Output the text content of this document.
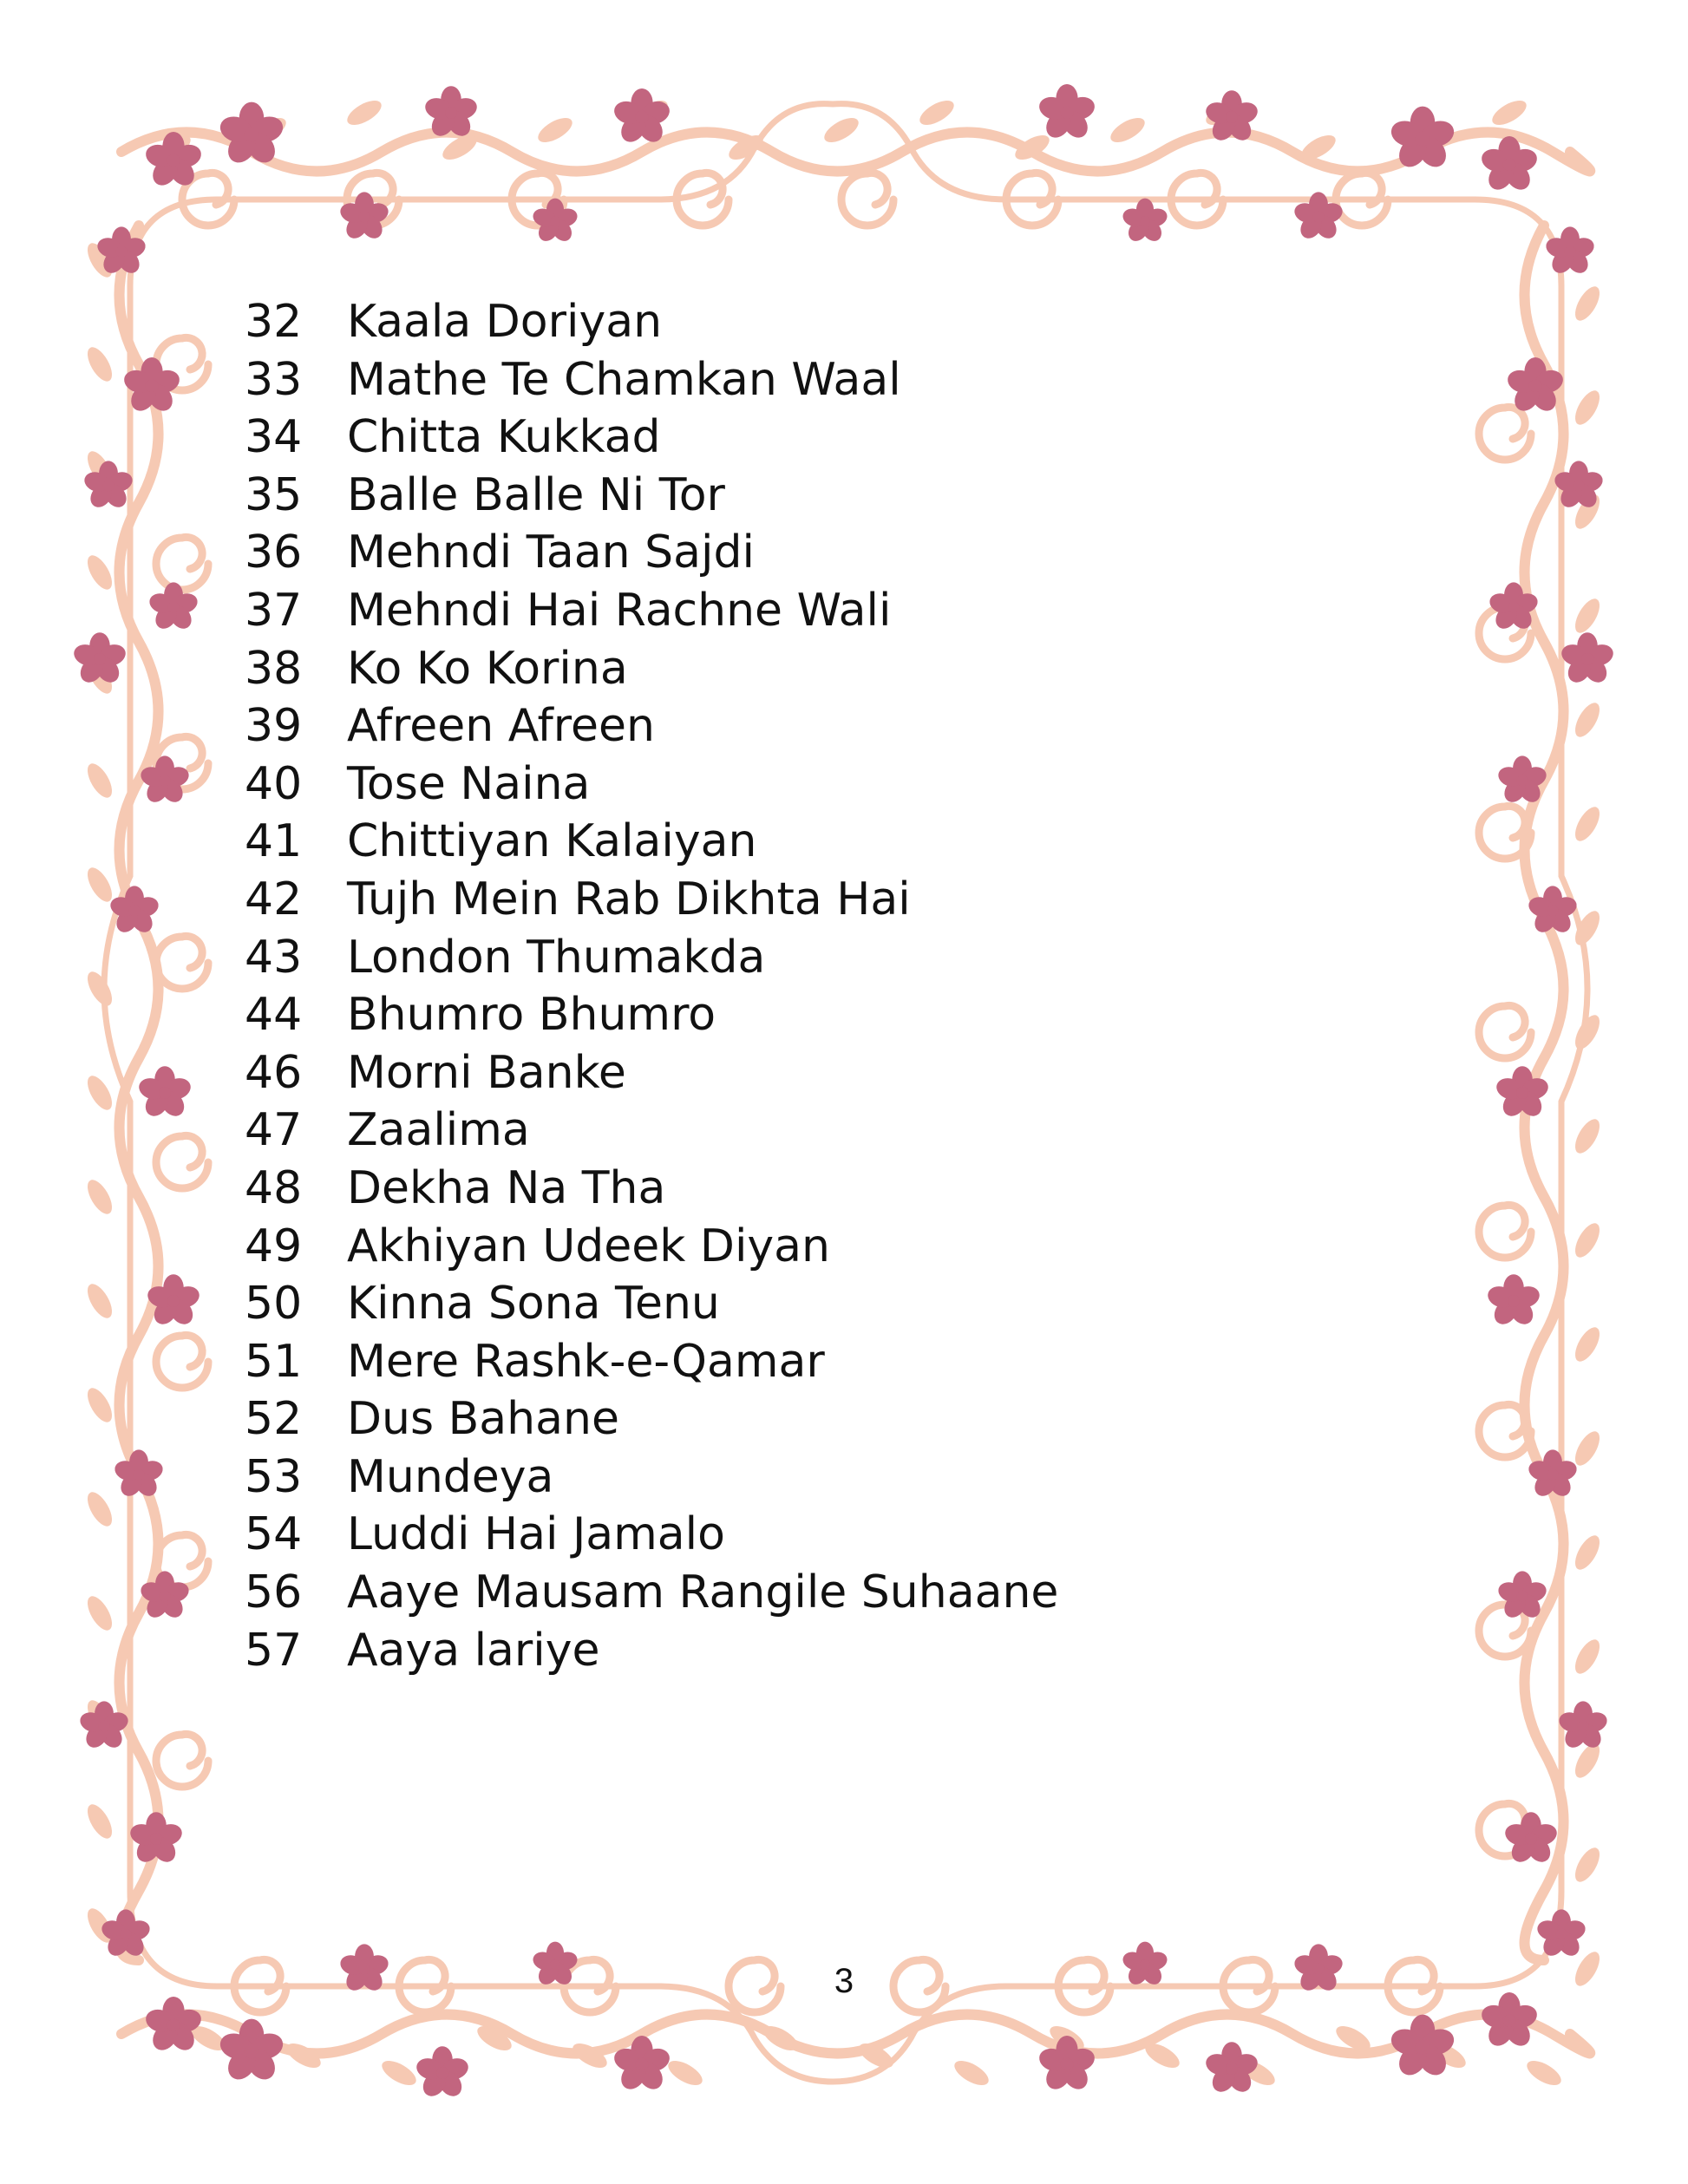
32 Kaala Doriyan
33 Mathe Te Chamkan Waal
34 Chitta Kukkad
35 Balle Balle Ni Tor
36 Mehndi Taan Sajdi
37 Mehndi Hai Rachne Wali
38 Ko Ko Korina
39 Afreen Afreen
40 Tose Naina
41 Chittiyan Kalaiyan
42 Tujh Mein Rab Dikhta Hai
43 London Thumakda
44 Bhumro Bhumro
46 Morni Banke
47 Zaalima
48 Dekha Na Tha
49 Akhiyan Udeek Diyan
50 Kinna Sona Tenu
51 Mere Rashk-e-Qamar
52 Dus Bahane
53 Mundeya
54 Luddi Hai Jamalo
56 Aaye Mausam Rangile Suhaane
57 Aaya lariye
3
